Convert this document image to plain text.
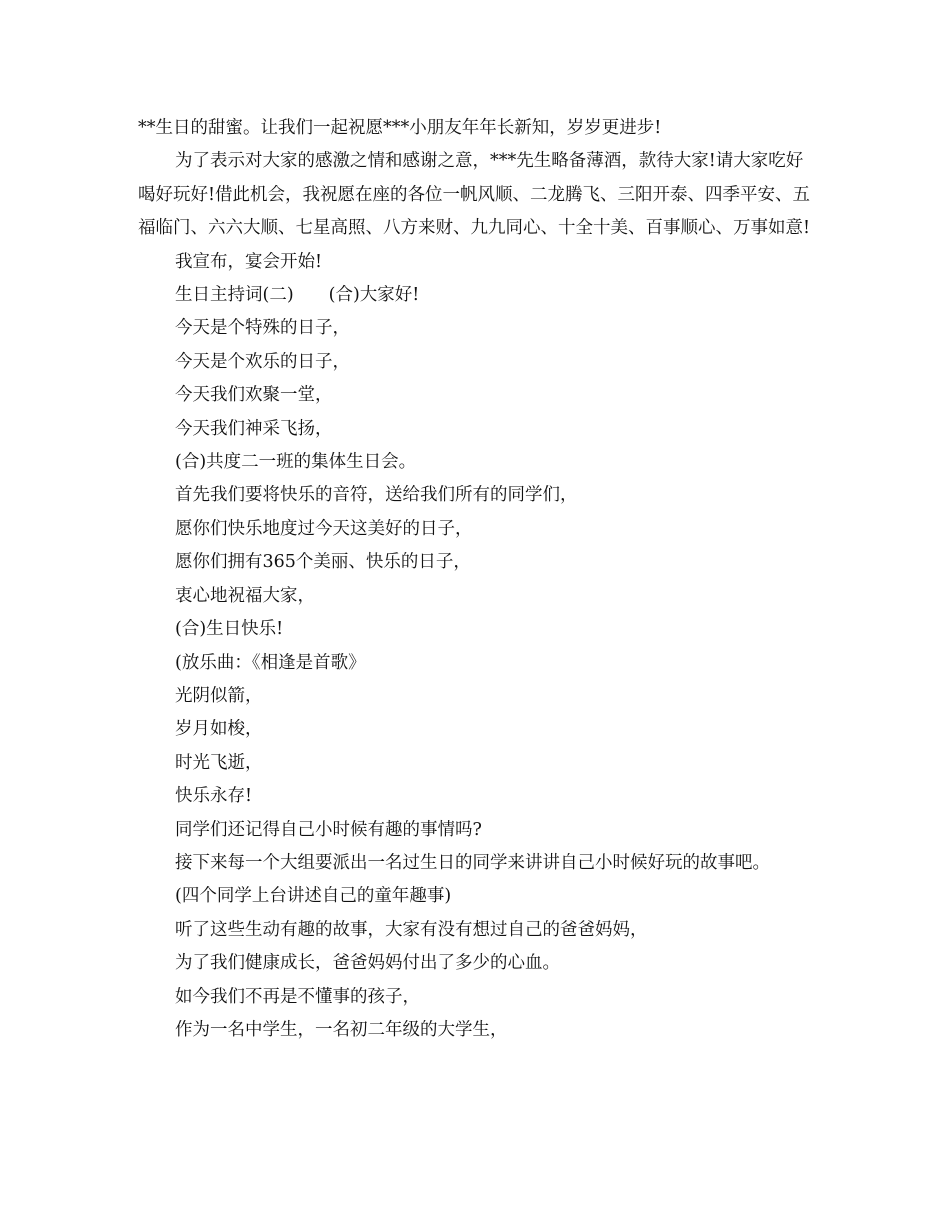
**生日的甜蜜。让我们一起祝愿***小朋友年年长新知，岁岁更进步!

为了表示对大家的感激之情和感谢之意，***先生略备薄酒，款待大家!请大家吃好喝好玩好!借此机会，我祝愿在座的各位一帆风顺、二龙腾飞、三阳开泰、四季平安、五福临门、六六大顺、七星高照、八方来财、九九同心、十全十美、百事顺心、万事如意!

我宣布，宴会开始!

生日主持词(二)　　(合)大家好!

今天是个特殊的日子，

今天是个欢乐的日子，

今天我们欢聚一堂，

今天我们神采飞扬，

(合)共度二一班的集体生日会。

首先我们要将快乐的音符，送给我们所有的同学们，

愿你们快乐地度过今天这美好的日子，

愿你们拥有365个美丽、快乐的日子，

衷心地祝福大家，

(合)生日快乐!

(放乐曲：《相逢是首歌》

光阴似箭，

岁月如梭，

时光飞逝，

快乐永存!

同学们还记得自己小时候有趣的事情吗?

接下来每一个大组要派出一名过生日的同学来讲讲自己小时候好玩的故事吧。

(四个同学上台讲述自己的童年趣事)

听了这些生动有趣的故事，大家有没有想过自己的爸爸妈妈，

为了我们健康成长，爸爸妈妈付出了多少的心血。

如今我们不再是不懂事的孩子，

作为一名中学生，一名初二年级的大学生，
